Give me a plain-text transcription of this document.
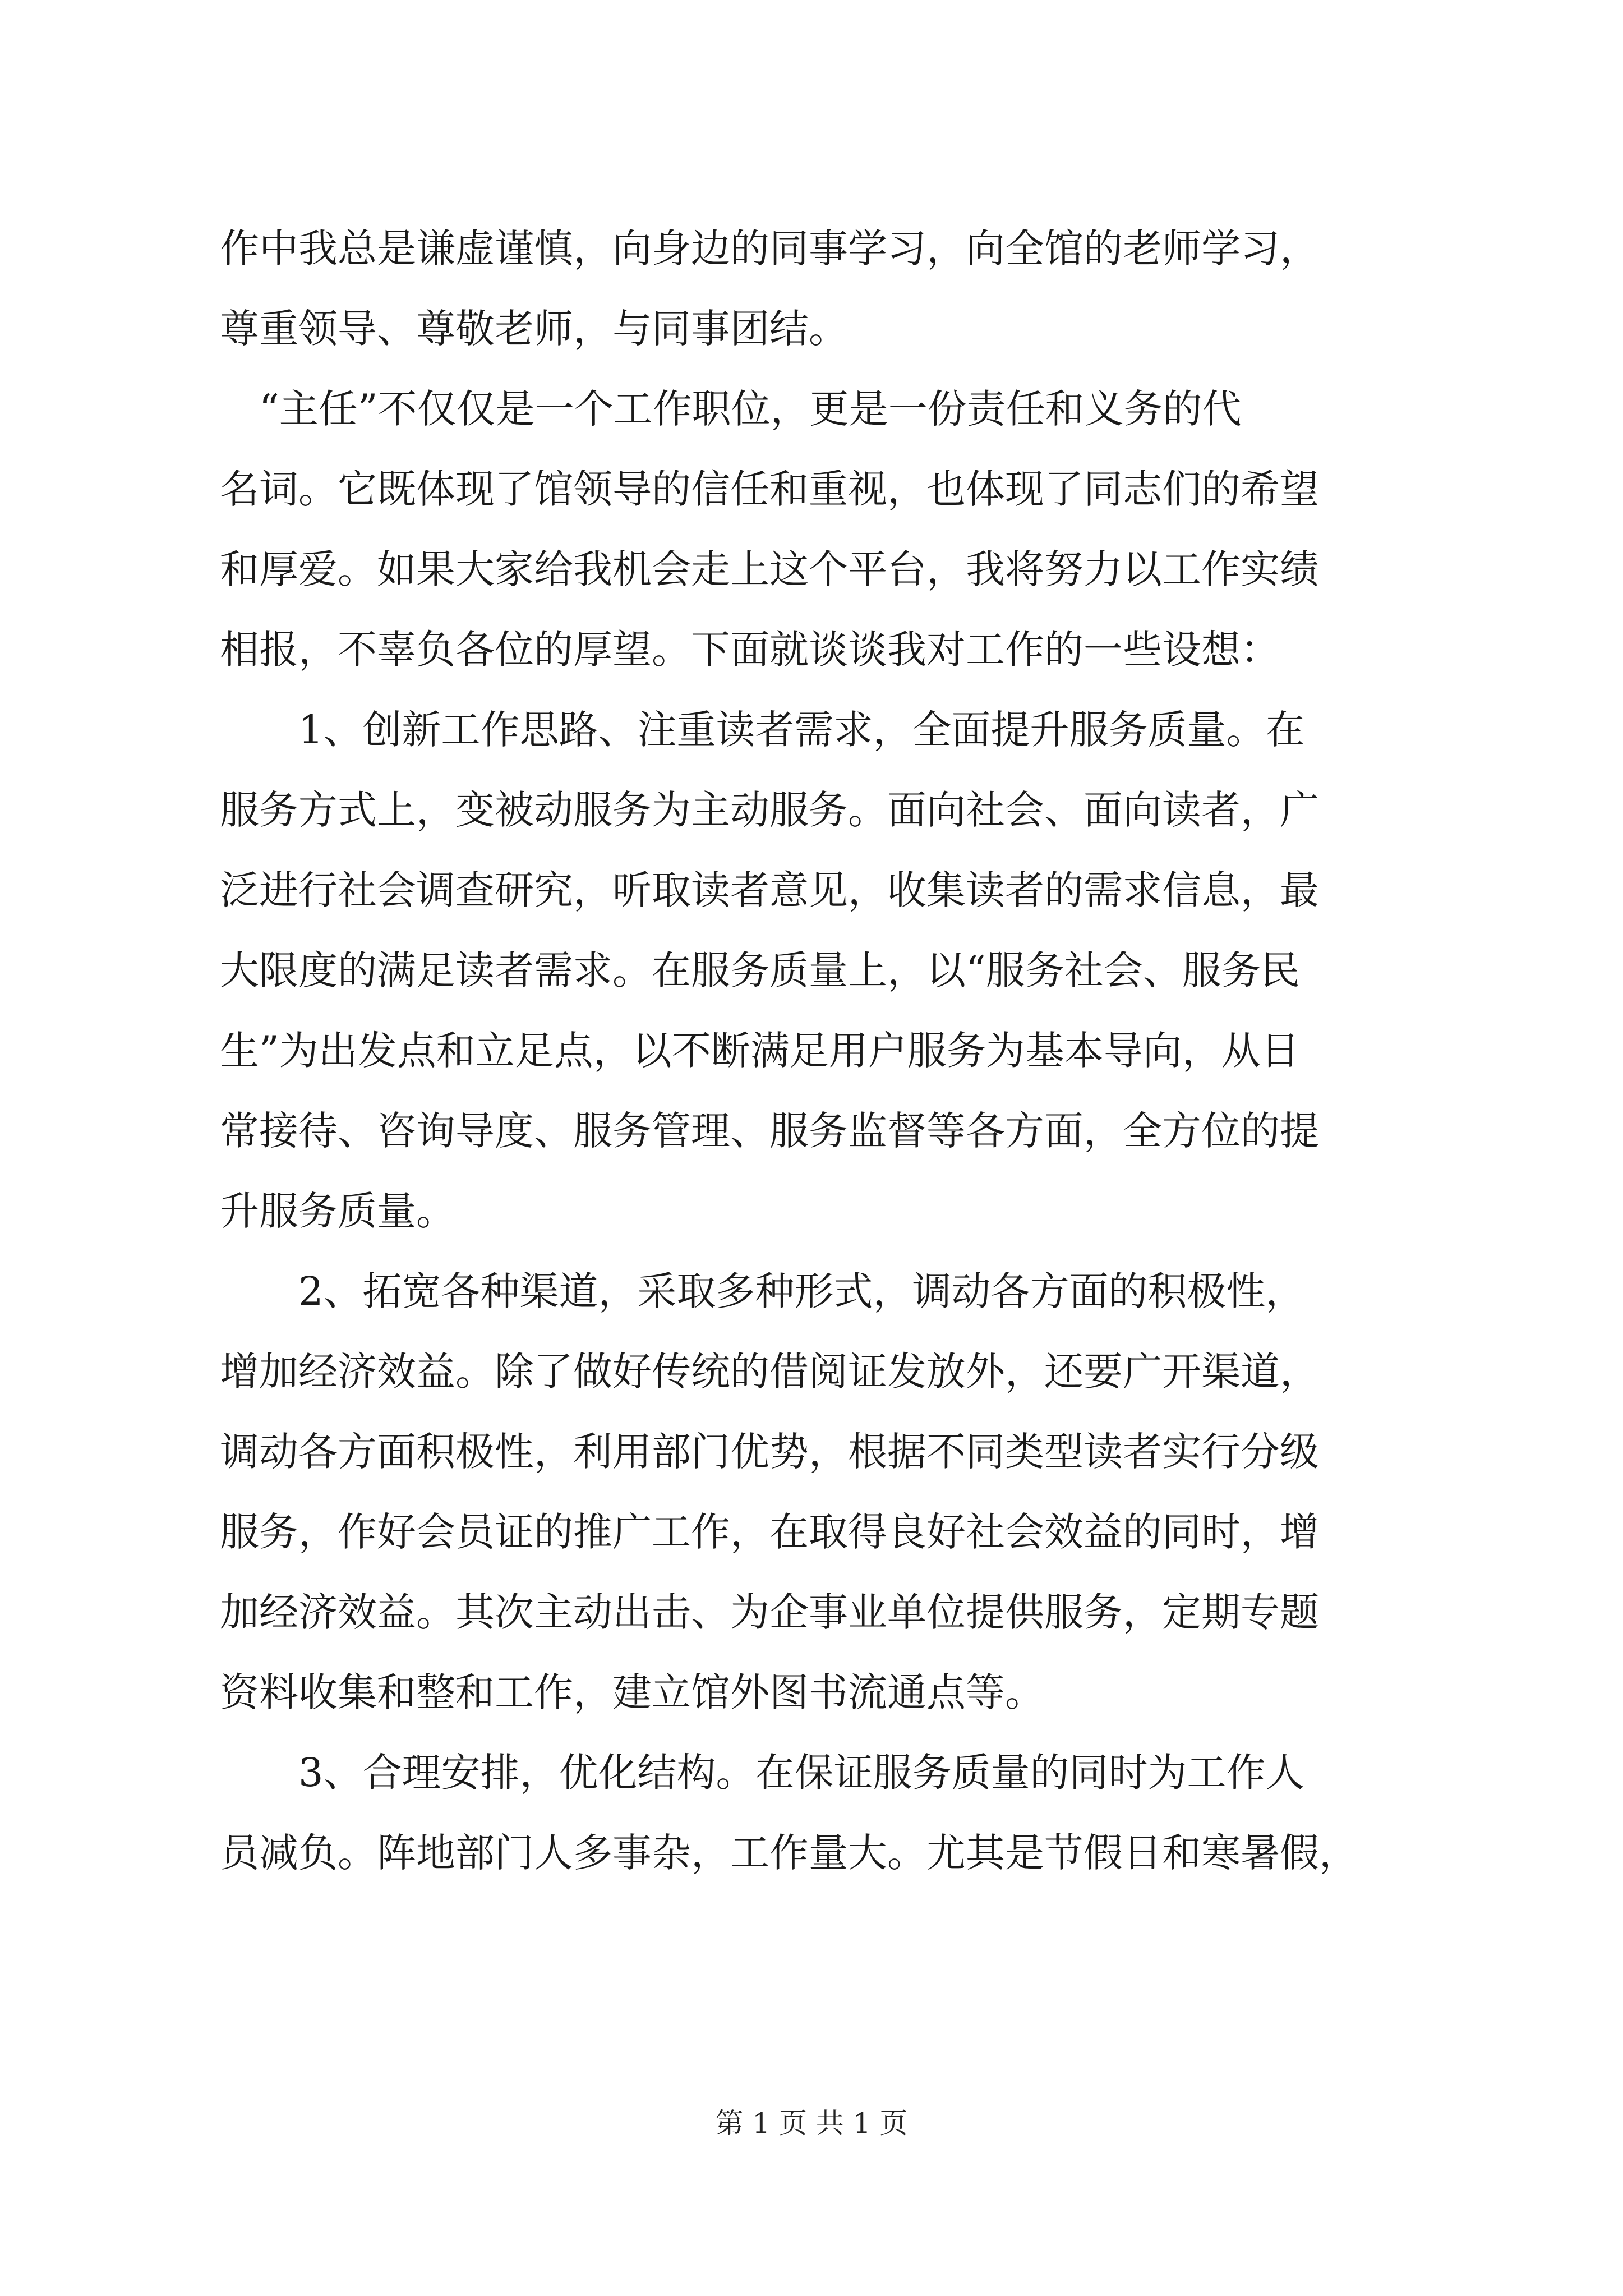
作中我总是谦虚谨慎，向身边的同事学习，向全馆的老师学习，
尊重领导、尊敬老师，与同事团结。
　“主任”不仅仅是一个工作职位，更是一份责任和义务的代
名词。它既体现了馆领导的信任和重视，也体现了同志们的希望
和厚爱。如果大家给我机会走上这个平台，我将努力以工作实绩
相报，不辜负各位的厚望。下面就谈谈我对工作的一些设想：
　　1、创新工作思路、注重读者需求，全面提升服务质量。在
服务方式上，变被动服务为主动服务。面向社会、面向读者，广
泛进行社会调查研究，听取读者意见，收集读者的需求信息，最
大限度的满足读者需求。在服务质量上，以“服务社会、服务民
生”为出发点和立足点，以不断满足用户服务为基本导向，从日
常接待、咨询导度、服务管理、服务监督等各方面，全方位的提
升服务质量。
　　2、拓宽各种渠道，采取多种形式，调动各方面的积极性，
增加经济效益。除了做好传统的借阅证发放外，还要广开渠道，
调动各方面积极性，利用部门优势，根据不同类型读者实行分级
服务，作好会员证的推广工作，在取得良好社会效益的同时，增
加经济效益。其次主动出击、为企事业单位提供服务，定期专题
资料收集和整和工作，建立馆外图书流通点等。
　　3、合理安排，优化结构。在保证服务质量的同时为工作人
员减负。阵地部门人多事杂，工作量大。尤其是节假日和寒暑假，
第 1 页 共 1 页
